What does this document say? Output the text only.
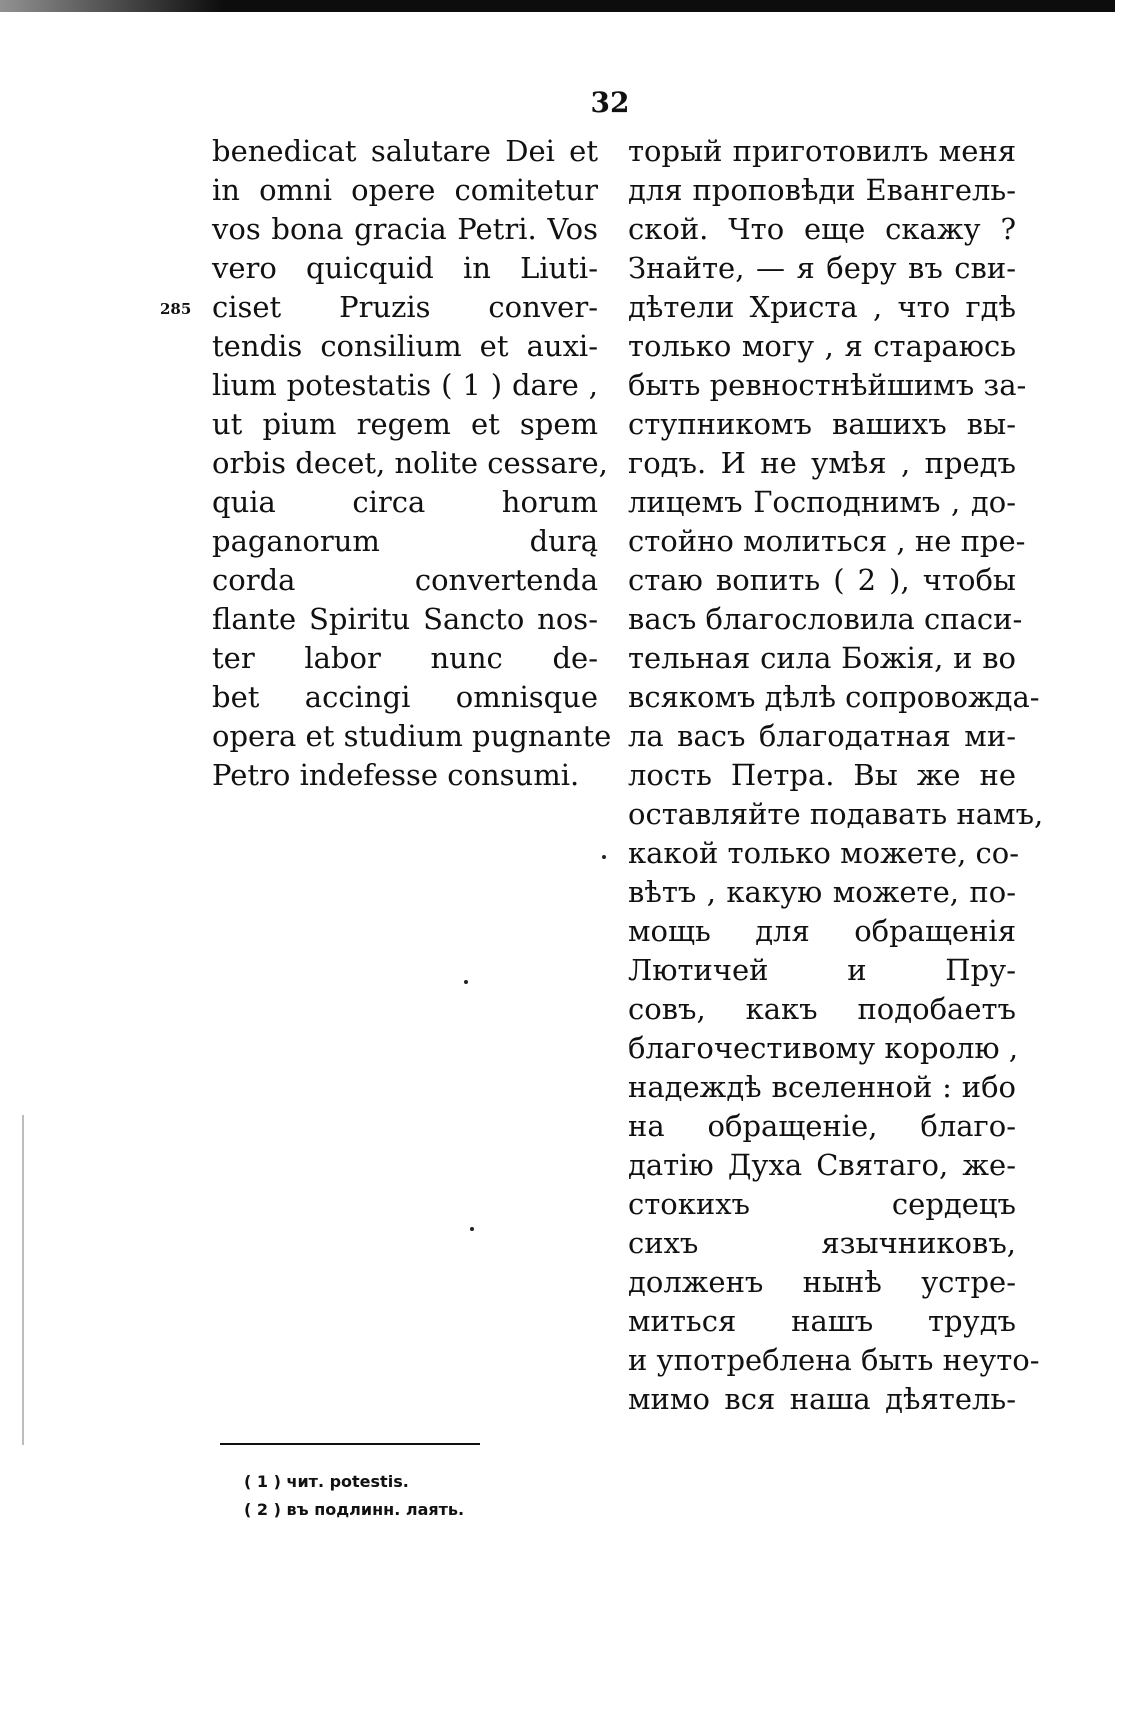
32
285
benedicat salutare Dei et
in omni opere comitetur
vos bona gracia Petri. Vos
vero quicquid in Liuti-
ciset Pruzis conver-
tendis consilium et auxi-
lium potestatis ( 1 ) dare ,
ut pium regem et spem
orbis decet, nolite cessare,
quia circa horum
paganorum durą
corda convertenda
flante Spiritu Sancto nos-
ter labor nunc de-
bet accingi omnisque
opera et studium pugnante
Petro indefesse consumi.
торый приготовилъ меня
для проповѣди Евангель-
ской. Что еще скажу ?
Знайте, — я беру въ сви-
дѣтели Христа , что гдѣ
только могу , я стараюсь
быть ревностнѣйшимъ за-
ступникомъ вашихъ вы-
годъ. И не умѣя , предъ
лицемъ Господнимъ , до-
стойно молиться , не пре-
стаю вопить ( 2 ), чтобы
васъ благословила спаси-
тельная сила Божія, и во
всякомъ дѣлѣ сопровожда-
ла васъ благодатная ми-
лость Петра. Вы же не
оставляйте подавать намъ,
какой только можете, со-
вѣтъ , какую можете, по-
мощь для обращенія
Лютичей и Пру-
совъ, какъ подобаетъ
благочестивому королю ,
надеждѣ вселенной : ибо
на обращеніе, благо-
датію Духа Святаго, же-
стокихъ сердецъ
сихъ язычниковъ,
долженъ нынѣ устре-
миться нашъ трудъ
и употреблена быть неуто-
мимо вся наша дѣятель-
( 1 ) чит. potestis.
( 2 ) въ подлинн. лаять.
